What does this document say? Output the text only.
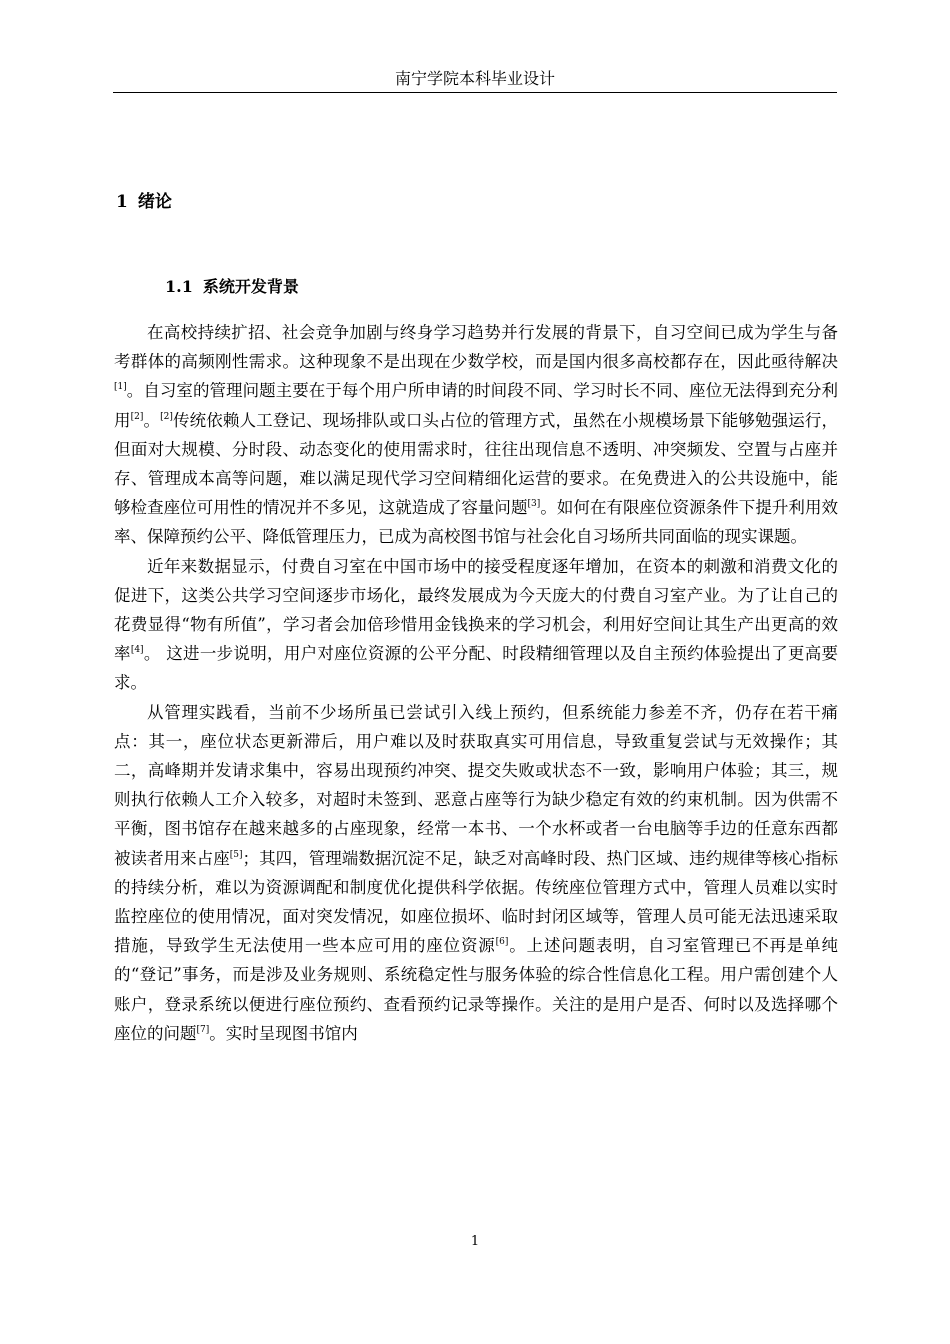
南宁学院本科毕业设计
1 绪论
1.1 系统开发背景

在高校持续扩招、社会竞争加剧与终身学习趋势并行发展的背景下，自习空间已成为学生与备考群体的高频刚性需求。这种现象不是出现在少数学校，而是国内很多高校都存在，因此亟待解决[1]。自习室的管理问题主要在于每个用户所申请的时间段不同、学习时长不同、座位无法得到充分利用[2]。[2]传统依赖人工登记、现场排队或口头占位的管理方式，虽然在小规模场景下能够勉强运行，但面对大规模、分时段、动态变化的使用需求时，往往出现信息不透明、冲突频发、空置与占座并存、管理成本高等问题，难以满足现代学习空间精细化运营的要求。在免费进入的公共设施中，能够检查座位可用性的情况并不多见，这就造成了容量问题[3]。如何在有限座位资源条件下提升利用效率、保障预约公平、降低管理压力，已成为高校图书馆与社会化自习场所共同面临的现实课题。

近年来数据显示，付费自习室在中国市场中的接受程度逐年增加，在资本的刺激和消费文化的促进下，这类公共学习空间逐步市场化，最终发展成为今天庞大的付费自习室产业。为了让自己的花费显得“物有所值”，学习者会加倍珍惜用金钱换来的学习机会，利用好空间让其生产出更高的效率[4]。 这进一步说明，用户对座位资源的公平分配、时段精细管理以及自主预约体验提出了更高要求。

从管理实践看，当前不少场所虽已尝试引入线上预约，但系统能力参差不齐，仍存在若干痛点：其一，座位状态更新滞后，用户难以及时获取真实可用信息，导致重复尝试与无效操作；其二，高峰期并发请求集中，容易出现预约冲突、提交失败或状态不一致，影响用户体验；其三，规则执行依赖人工介入较多，对超时未签到、恶意占座等行为缺少稳定有效的约束机制。因为供需不平衡，图书馆存在越来越多的占座现象，经常一本书、一个水杯或者一台电脑等手边的任意东西都被读者用来占座[5]；其四，管理端数据沉淀不足，缺乏对高峰时段、热门区域、违约规律等核心指标的持续分析，难以为资源调配和制度优化提供科学依据。传统座位管理方式中，管理人员难以实时监控座位的使用情况，面对突发情况，如座位损坏、临时封闭区域等，管理人员可能无法迅速采取措施，导致学生无法使用一些本应可用的座位资源[6]。上述问题表明，自习室管理已不再是单纯的“登记”事务，而是涉及业务规则、系统稳定性与服务体验的综合性信息化工程。用户需创建个人账户，登录系统以便进行座位预约、查看预约记录等操作。关注的是用户是否、何时以及选择哪个座位的问题[7]。实时呈现图书馆内

1
